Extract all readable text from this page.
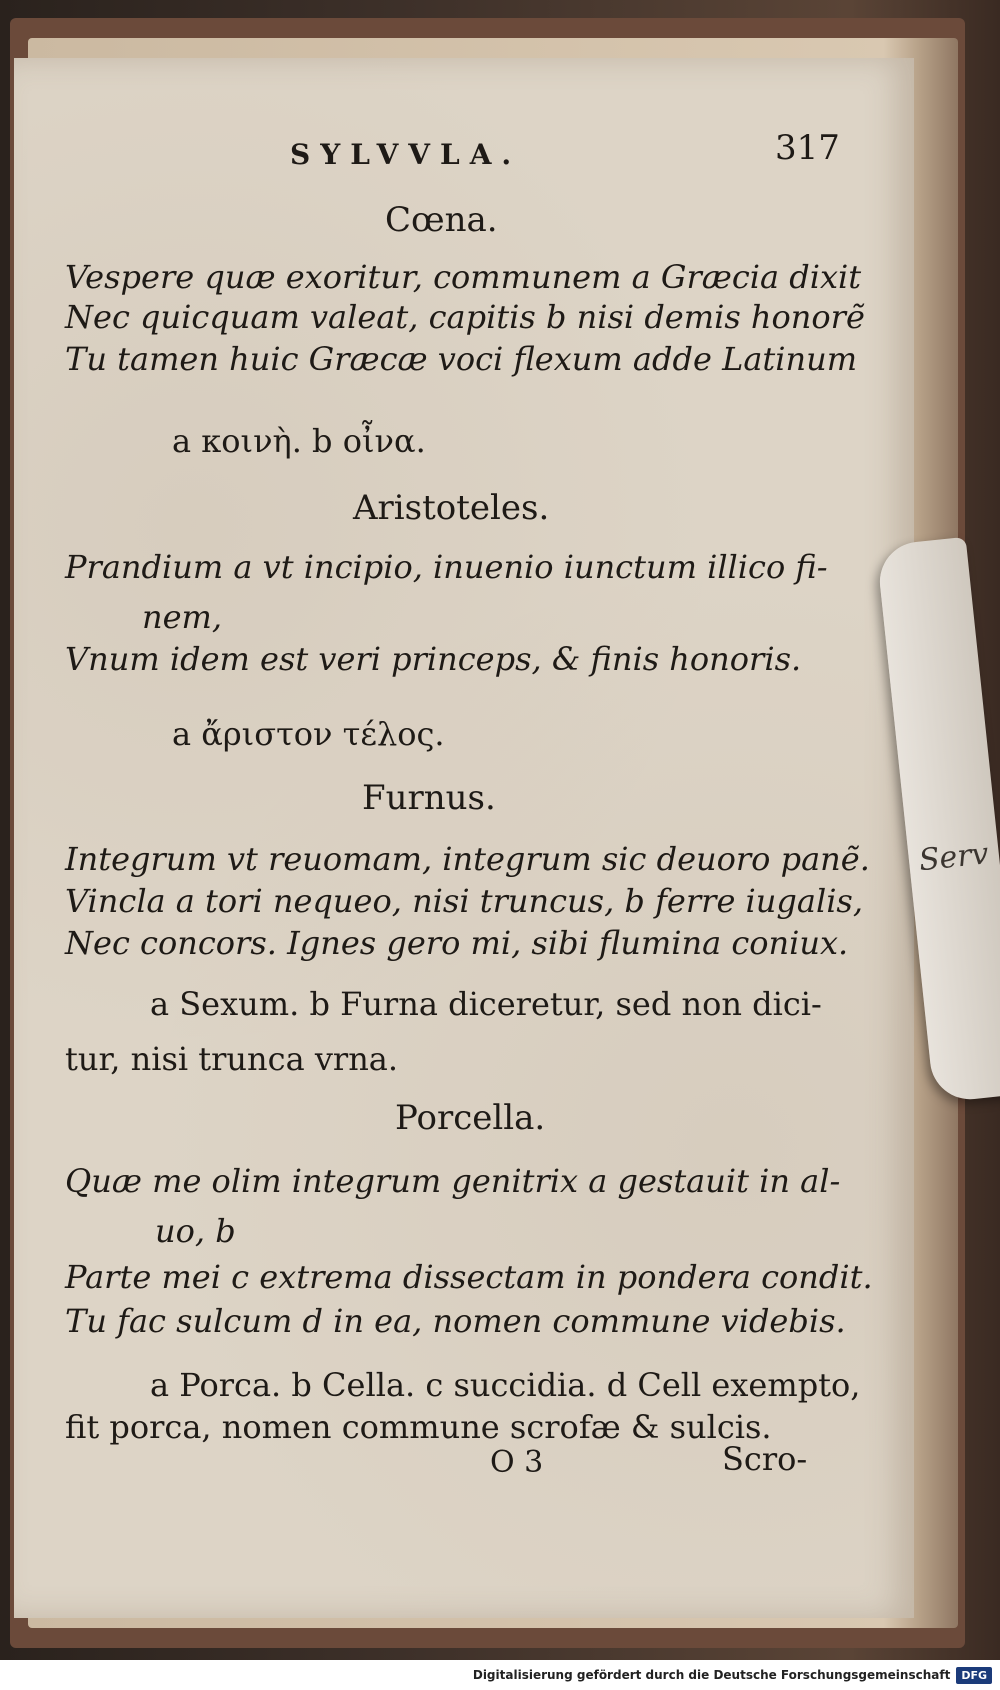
Serv
SYLVVLA.	317
Cœna.
Vespere quæ exoritur, communem a Græcia dixit
Nec quicquam valeat, capitis b nisi demis honorẽ
Tu tamen huic Græcæ voci flexum adde Latinum
a κοινὴ. b οἶνα.
Aristoteles.
Prandium a vt incipio, inuenio iunctum illico fi-
nem,
Vnum idem est veri princeps, & finis honoris.
a ἄριστον τέλος.
Furnus.
Integrum vt reuomam, integrum sic deuoro panẽ.
Vincla a tori nequeo, nisi truncus, b ferre iugalis,
Nec concors. Ignes gero mi, sibi flumina coniux.
a Sexum. b Furna diceretur, sed non dici-
tur, nisi trunca vrna.
Porcella.
Quæ me olim integrum genitrix a gestauit in al-
uo, b
Parte mei c extrema dissectam in pondera condit.
Tu fac sulcum d in ea, nomen commune videbis.
a Porca. b Cella. c succidia. d Cell exempto,
fit porca, nomen commune scrofæ & sulcis.
O 3	Scro-
Digitalisierung gefördert durch die Deutsche Forschungsgemeinschaft	DFG
